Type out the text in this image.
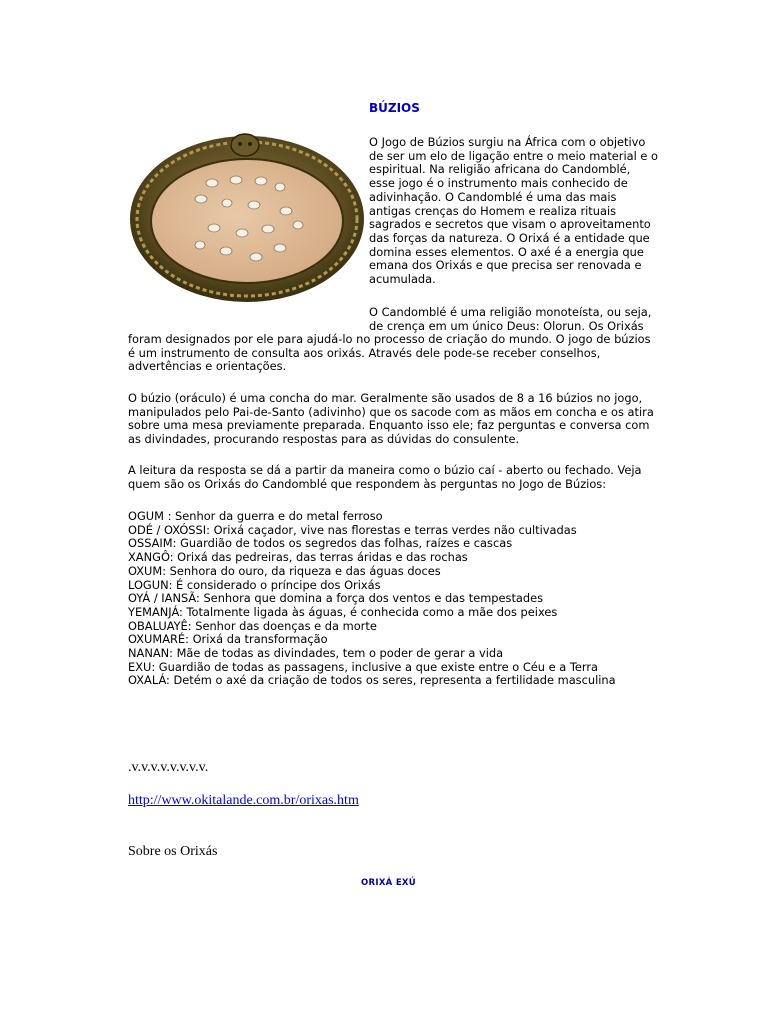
BÚZIOS
O Jogo de Búzios surgiu na África com o objetivo de ser um elo de ligação entre o meio material e o espiritual. Na religião africana do Candomblé, esse jogo é o instrumento mais conhecido de adivinhação. O Candomblé é uma das mais antigas crenças do Homem e realiza rituais sagrados e secretos que visam o aproveitamento das forças da natureza. O Orixá é a entidade que domina esses elementos. O axé é a energia que emana dos Orixás e que precisa ser renovada e acumulada.
O Candomblé é uma religião monoteísta, ou seja, de crença em um único Deus: Olorun. Os Orixás
foram designados por ele para ajudá-lo no processo de criação do mundo. O jogo de búzios é um instrumento de consulta aos orixás. Através dele pode-se receber conselhos, advertências e orientações.
O búzio (oráculo) é uma concha do mar. Geralmente são usados de 8 a 16 búzios no jogo, manipulados pelo Pai-de-Santo (adivinho) que os sacode com as mãos em concha e os atira sobre uma mesa previamente preparada. Enquanto isso ele; faz perguntas e conversa com as divindades, procurando respostas para as dúvidas do consulente.
A leitura da resposta se dá a partir da maneira como o búzio caí - aberto ou fechado. Veja quem são os Orixás do Candomblé que respondem às perguntas no Jogo de Búzios:
OGUM : Senhor da guerra e do metal ferroso
ODÉ / OXÓSSI: Orixá caçador, vive nas florestas e terras verdes não cultivadas
OSSAIM: Guardião de todos os segredos das folhas, raízes e cascas
XANGÔ: Orixá das pedreiras, das terras áridas e das rochas
OXUM: Senhora do ouro, da riqueza e das águas doces
LOGUN: É considerado o príncipe dos Orixás
OYÁ / IANSÃ: Senhora que domina a força dos ventos e das tempestades
YEMANJÁ: Totalmente ligada às águas, é conhecida como a mãe dos peixes
OBALUAYÊ: Senhor das doenças e da morte
OXUMARÉ: Orixá da transformação
NANAN: Mãe de todas as divindades, tem o poder de gerar a vida
EXU: Guardião de todas as passagens, inclusive a que existe entre o Céu e a Terra
OXALÁ: Detém o axé da criação de todos os seres, representa a fertilidade masculina
.v.v.v.v.v.v.v.v.
http://www.okitalande.com.br/orixas.htm
Sobre os Orixás
ORIXÁ EXÚ
